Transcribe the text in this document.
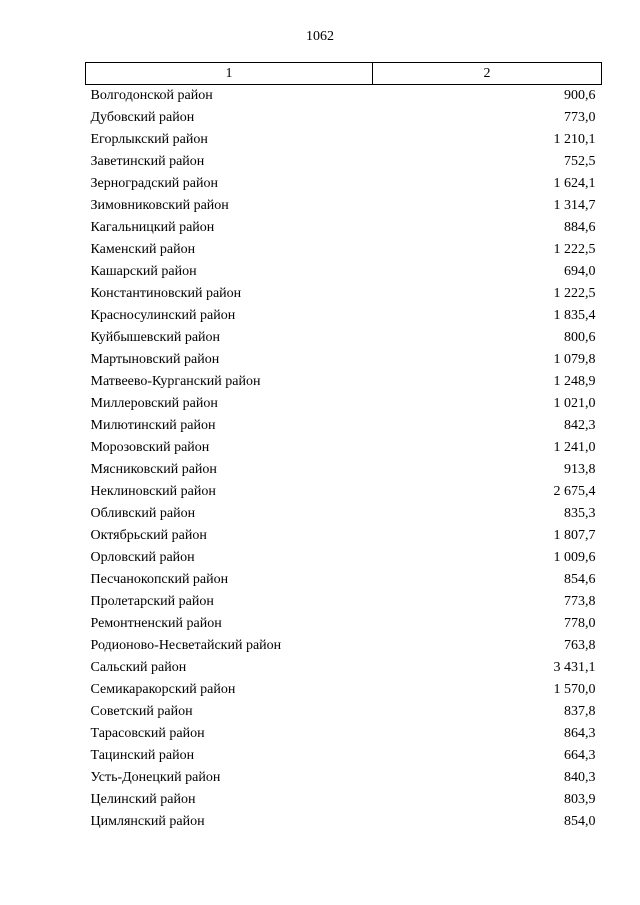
1062
1	2
Волгодонской район	900,6
Дубовский район	773,0
Егорлыкский район	1 210,1
Заветинский район	752,5
Зерноградский район	1 624,1
Зимовниковский район	1 314,7
Кагальницкий район	884,6
Каменский район	1 222,5
Кашарский район	694,0
Константиновский район	1 222,5
Красносулинский район	1 835,4
Куйбышевский район	800,6
Мартыновский район	1 079,8
Матвеево-Курганский район	1 248,9
Миллеровский район	1 021,0
Милютинский район	842,3
Морозовский район	1 241,0
Мясниковский район	913,8
Неклиновский район	2 675,4
Обливский район	835,3
Октябрьский район	1 807,7
Орловский район	1 009,6
Песчанокопский район	854,6
Пролетарский район	773,8
Ремонтненский район	778,0
Родионово-Несветайский район	763,8
Сальский район	3 431,1
Семикаракорский район	1 570,0
Советский район	837,8
Тарасовский район	864,3
Тацинский район	664,3
Усть-Донецкий район	840,3
Целинский район	803,9
Цимлянский район	854,0
